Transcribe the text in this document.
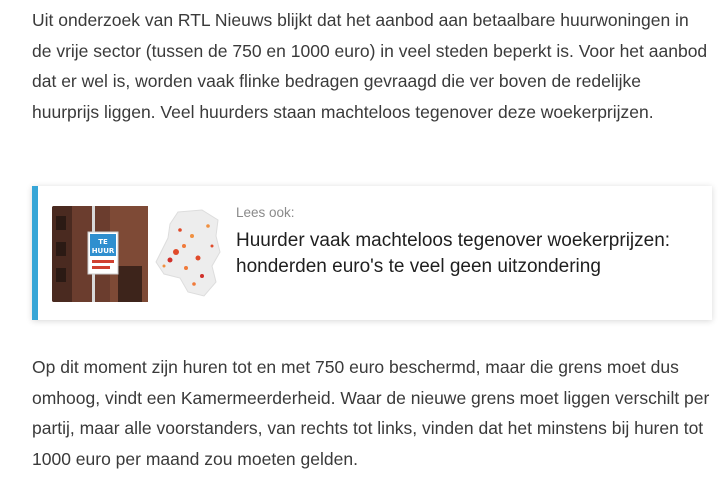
Uit onderzoek van RTL Nieuws blijkt dat het aanbod aan betaalbare huurwoningen in de vrije sector (tussen de 750 en 1000 euro) in veel steden beperkt is. Voor het aanbod dat er wel is, worden vaak flinke bedragen gevraagd die ver boven de redelijke huurprijs liggen. Veel huurders staan machteloos tegenover deze woekerprijzen.

TE
HUUR
Lees ook:
Huurder vaak machteloos tegenover woekerprijzen: honderden euro's te veel geen uitzondering

Op dit moment zijn huren tot en met 750 euro beschermd, maar die grens moet dus omhoog, vindt een Kamermeerderheid. Waar de nieuwe grens moet liggen verschilt per partij, maar alle voorstanders, van rechts tot links, vinden dat het minstens bij huren tot 1000 euro per maand zou moeten gelden.
